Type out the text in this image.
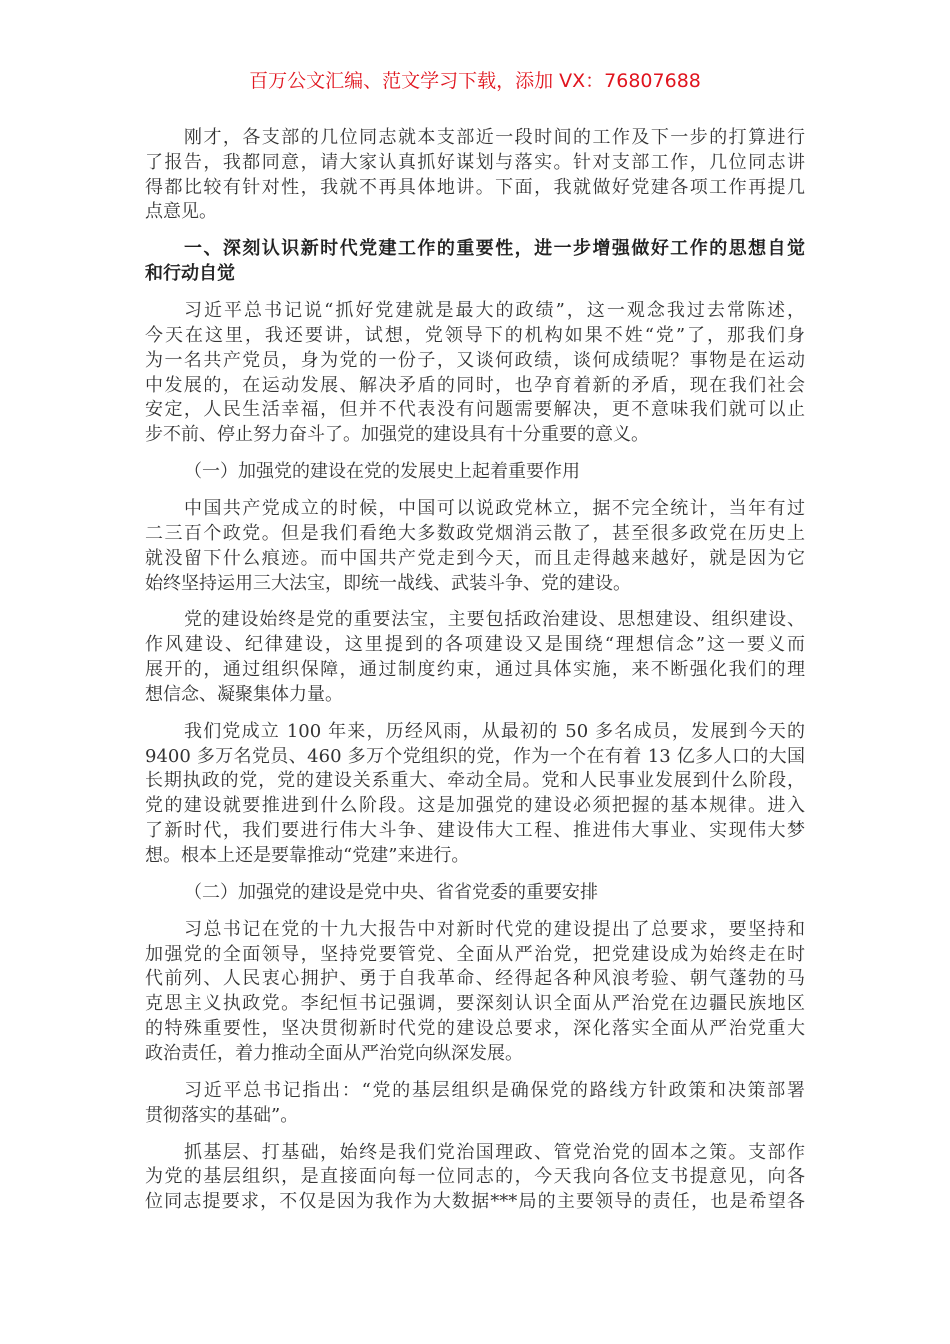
百万公文汇编、范文学习下载，添加 VX：76807688
刚才，各支部的几位同志就本支部近一段时间的工作及下一步的打算进行
了报告，我都同意，请大家认真抓好谋划与落实。针对支部工作，几位同志讲
得都比较有针对性，我就不再具体地讲。下面，我就做好党建各项工作再提几
点意见。
一、深刻认识新时代党建工作的重要性，进一步增强做好工作的思想自觉
和行动自觉
习近平总书记说“抓好党建就是最大的政绩”，这一观念我过去常陈述，
今天在这里，我还要讲，试想，党领导下的机构如果不姓“党”了，那我们身
为一名共产党员，身为党的一份子，又谈何政绩，谈何成绩呢？事物是在运动
中发展的，在运动发展、解决矛盾的同时，也孕育着新的矛盾，现在我们社会
安定，人民生活幸福，但并不代表没有问题需要解决，更不意味我们就可以止
步不前、停止努力奋斗了。加强党的建设具有十分重要的意义。
（一）加强党的建设在党的发展史上起着重要作用
中国共产党成立的时候，中国可以说政党林立，据不完全统计，当年有过
二三百个政党。但是我们看绝大多数政党烟消云散了，甚至很多政党在历史上
就没留下什么痕迹。而中国共产党走到今天，而且走得越来越好，就是因为它
始终坚持运用三大法宝，即统一战线、武装斗争、党的建设。
党的建设始终是党的重要法宝，主要包括政治建设、思想建设、组织建设、
作风建设、纪律建设，这里提到的各项建设又是围绕“理想信念”这一要义而
展开的，通过组织保障，通过制度约束，通过具体实施，来不断强化我们的理
想信念、凝聚集体力量。
我们党成立 100 年来，历经风雨，从最初的 50 多名成员，发展到今天的
9400 多万名党员、460 多万个党组织的党，作为一个在有着 13 亿多人口的大国
长期执政的党，党的建设关系重大、牵动全局。党和人民事业发展到什么阶段，
党的建设就要推进到什么阶段。这是加强党的建设必须把握的基本规律。进入
了新时代，我们要进行伟大斗争、建设伟大工程、推进伟大事业、实现伟大梦
想。根本上还是要靠推动“党建”来进行。
（二）加强党的建设是党中央、省省党委的重要安排
习总书记在党的十九大报告中对新时代党的建设提出了总要求，要坚持和
加强党的全面领导，坚持党要管党、全面从严治党，把党建设成为始终走在时
代前列、人民衷心拥护、勇于自我革命、经得起各种风浪考验、朝气蓬勃的马
克思主义执政党。李纪恒书记强调，要深刻认识全面从严治党在边疆民族地区
的特殊重要性，坚决贯彻新时代党的建设总要求，深化落实全面从严治党重大
政治责任，着力推动全面从严治党向纵深发展。
习近平总书记指出：“党的基层组织是确保党的路线方针政策和决策部署
贯彻落实的基础”。
抓基层、打基础，始终是我们党治国理政、管党治党的固本之策。支部作
为党的基层组织，是直接面向每一位同志的，今天我向各位支书提意见，向各
位同志提要求，不仅是因为我作为大数据***局的主要领导的责任，也是希望各
